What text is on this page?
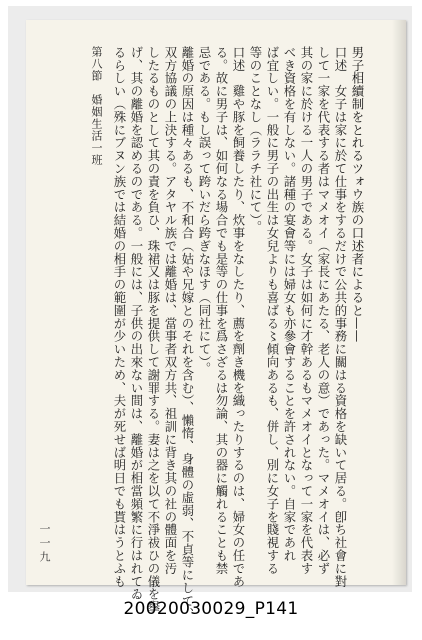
男子相續制をとれるツォウ族の口述者によると——
口述　女子は家に於て仕事をするだけで公共的事務に關はる資格を缺いて居る。卽ち社會に對
して一家を代表する者はマメオイ（家長にあたる、老人の意）であった。マメオイは、必ず
其の家に於ける一人の男子である。女子は如何に才幹あるもマメオイとなって一家を代表す
べき資格を有しない。諸種の宴會等には婦女も亦參會することを許されない。自家であれ
ば宜しい。一般に男子の出生は女兒よりも喜ばる〻傾向あるも、併し、別に女子を賤視する
等のことなし（ララチ社にて）。
口述　雞や豚を飼養したり、炊事をなしたり、薦を劑き機を織ったりするのは、婦女の任であ
る。故に男子は、如何なる場合でも是等の仕事を爲さざるは勿論、其の器に觸れることも禁
忌である。もし誤って跨いだら跨ぎなほす（同社にて）。
離婚の原因は種々あるも、不和合（姑や兄嫁とのそれを含む）、懶惰、身體の虛弱、不貞等にして、
双方協議の上決する。アタヤル族では離婚は、當事者双方共、祖訓に背き其の社の體面を汚
したるものとして其の責を負ひ、珠裙又は豚を提供して謝罪する。妻は之を以て不淨祓ひの儀を擧
げ、其の離婚を認めるのである。一般には、子供の出來ない間は、離婚が相當頻繁に行はれてゐ
るらしい（殊にブヌン族では結婚の相手の範圍が少いため、夫が死せば明日でも貰はうとふも
第八節　婚姻生活一班
一一九
20020030029_P141
